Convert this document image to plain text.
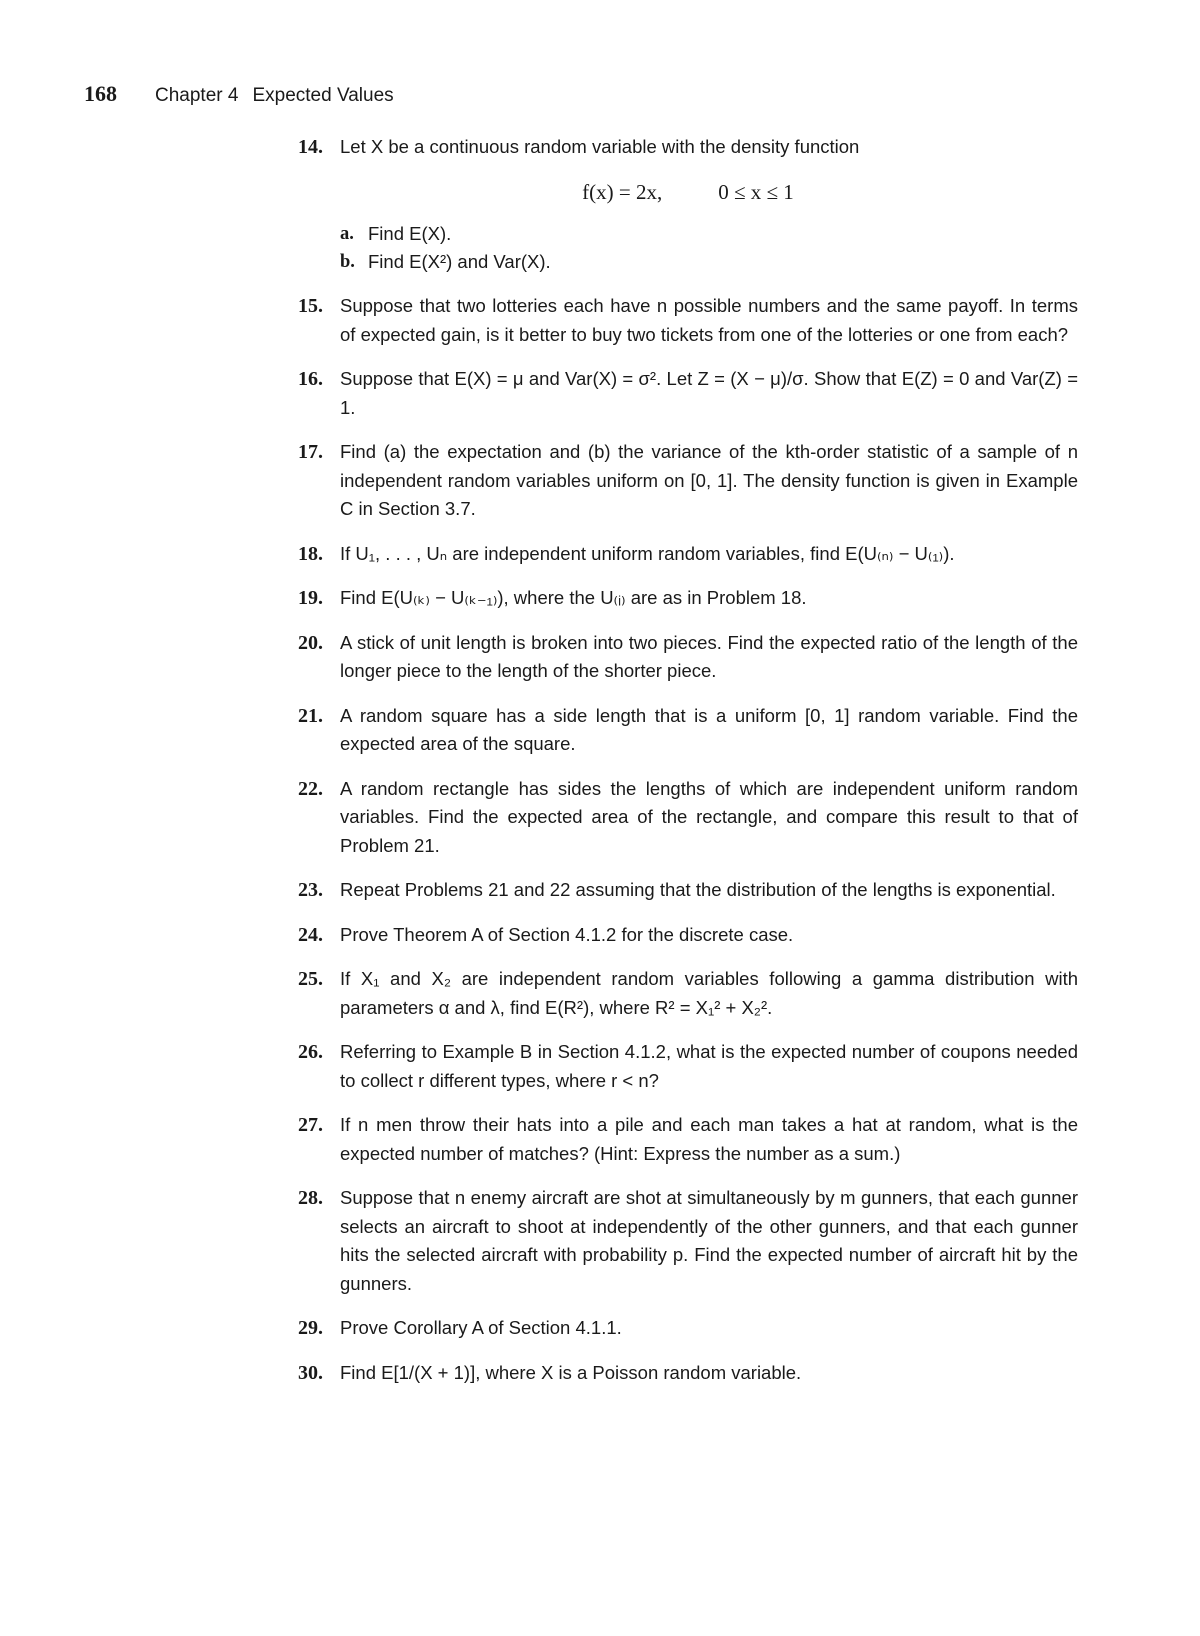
168 Chapter 4 Expected Values
14. Let X be a continuous random variable with the density function
f(x) = 2x,	0 ≤ x ≤ 1
a. Find E(X).
b. Find E(X²) and Var(X).
15. Suppose that two lotteries each have n possible numbers and the same payoff. In terms of expected gain, is it better to buy two tickets from one of the lotteries or one from each?
16. Suppose that E(X) = μ and Var(X) = σ². Let Z = (X − μ)/σ. Show that E(Z) = 0 and Var(Z) = 1.
17. Find (a) the expectation and (b) the variance of the kth-order statistic of a sample of n independent random variables uniform on [0, 1]. The density function is given in Example C in Section 3.7.
18. If U₁, . . . , Uₙ are independent uniform random variables, find E(U₍ₙ₎ − U₍₁₎).
19. Find E(U₍ₖ₎ − U₍ₖ₋₁₎), where the U₍ᵢ₎ are as in Problem 18.
20. A stick of unit length is broken into two pieces. Find the expected ratio of the length of the longer piece to the length of the shorter piece.
21. A random square has a side length that is a uniform [0, 1] random variable. Find the expected area of the square.
22. A random rectangle has sides the lengths of which are independent uniform random variables. Find the expected area of the rectangle, and compare this result to that of Problem 21.
23. Repeat Problems 21 and 22 assuming that the distribution of the lengths is exponential.
24. Prove Theorem A of Section 4.1.2 for the discrete case.
25. If X₁ and X₂ are independent random variables following a gamma distribution with parameters α and λ, find E(R²), where R² = X₁² + X₂².
26. Referring to Example B in Section 4.1.2, what is the expected number of coupons needed to collect r different types, where r < n?
27. If n men throw their hats into a pile and each man takes a hat at random, what is the expected number of matches? (Hint: Express the number as a sum.)
28. Suppose that n enemy aircraft are shot at simultaneously by m gunners, that each gunner selects an aircraft to shoot at independently of the other gunners, and that each gunner hits the selected aircraft with probability p. Find the expected number of aircraft hit by the gunners.
29. Prove Corollary A of Section 4.1.1.
30. Find E[1/(X + 1)], where X is a Poisson random variable.
